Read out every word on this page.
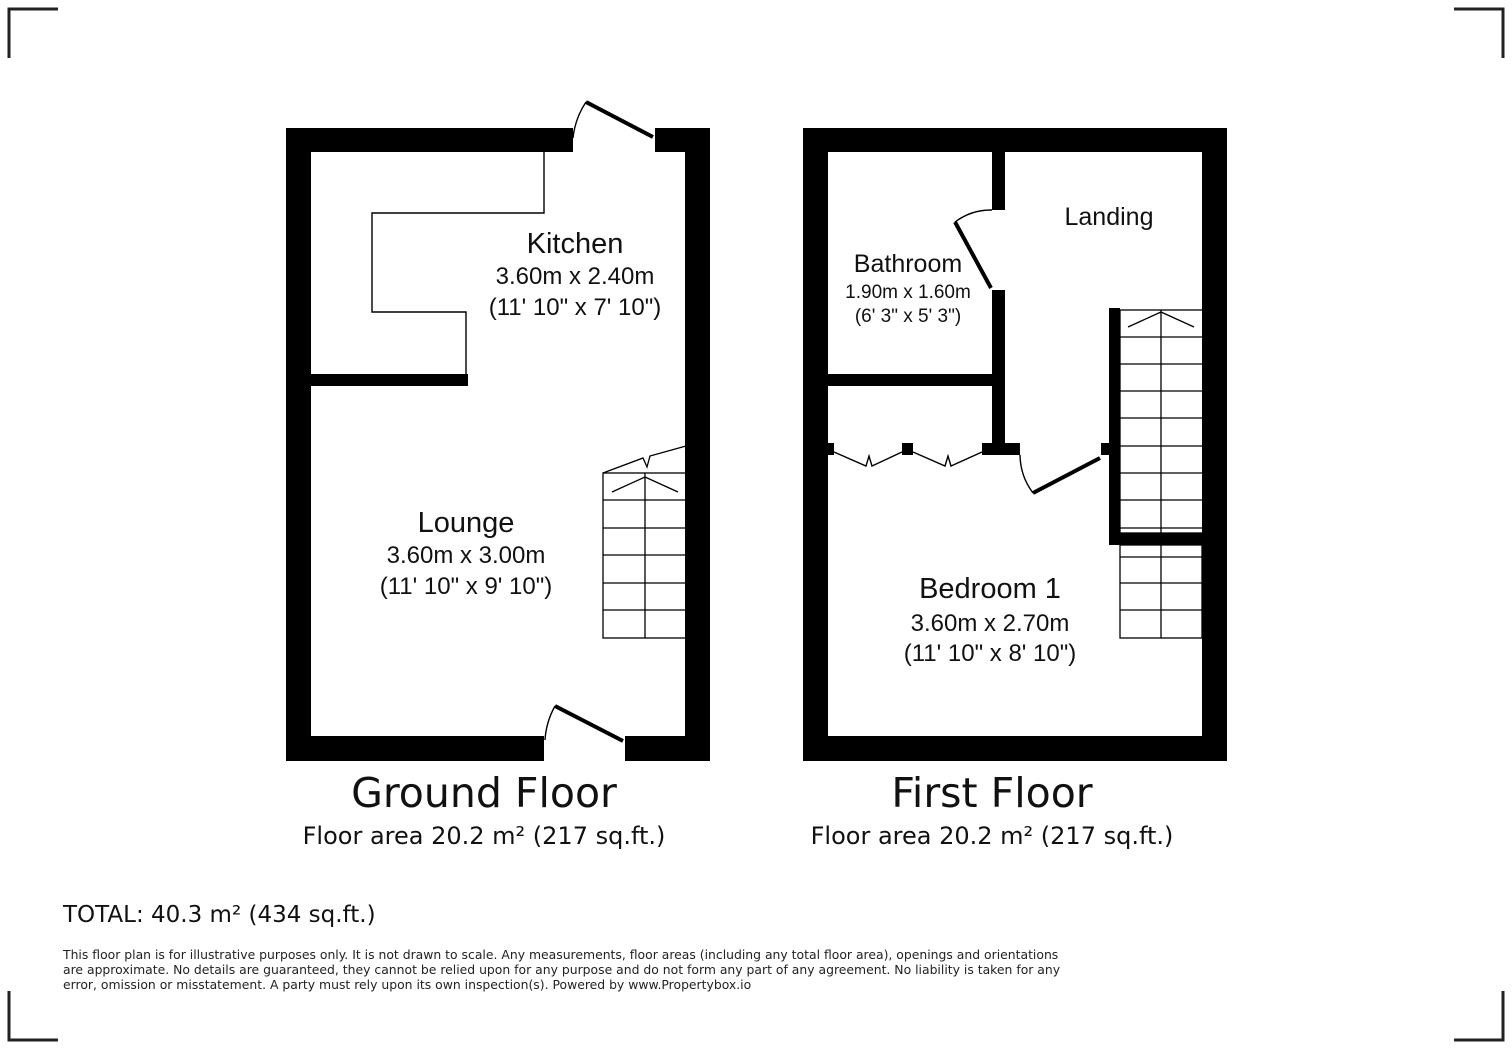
Kitchen
3.60m x 2.40m
(11' 10" x 7' 10")
Lounge
3.60m x 3.00m
(11' 10" x 9' 10")
Ground Floor
Floor area 20.2 m² (217 sq.ft.)
Bathroom
1.90m x 1.60m
(6' 3" x 5' 3")
Landing
Bedroom 1
3.60m x 2.70m
(11' 10" x 8' 10")
First Floor
Floor area 20.2 m² (217 sq.ft.)

TOTAL: 40.3 m² (434 sq.ft.)

This floor plan is for illustrative purposes only. It is not drawn to scale. Any measurements, floor areas (including any total floor area), openings and orientations are approximate. No details are guaranteed, they cannot be relied upon for any purpose and do not form any part of any agreement. No liability is taken for any error, omission or misstatement. A party must rely upon its own inspection(s). Powered by www.Propertybox.io
